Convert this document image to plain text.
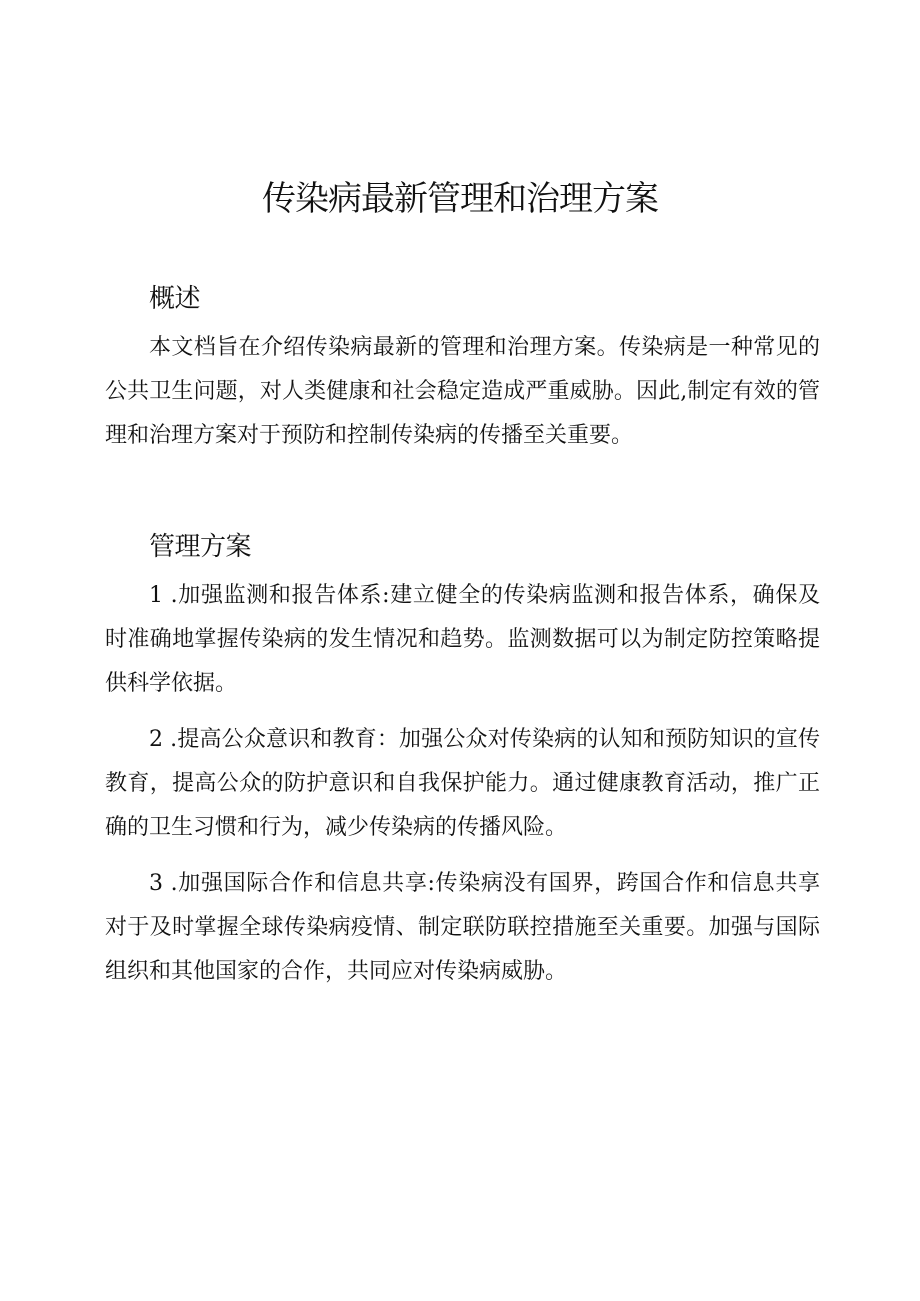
传染病最新管理和治理方案
概述

本文档旨在介绍传染病最新的管理和治理方案。传染病是一种常见的公共卫生问题，对人类健康和社会稳定造成严重威胁。因此,制定有效的管理和治理方案对于预防和控制传染病的传播至关重要。

管理方案

1 .加强监测和报告体系:建立健全的传染病监测和报告体系，确保及时准确地掌握传染病的发生情况和趋势。监测数据可以为制定防控策略提供科学依据。

2 .提高公众意识和教育：加强公众对传染病的认知和预防知识的宣传教育，提高公众的防护意识和自我保护能力。通过健康教育活动，推广正确的卫生习惯和行为，减少传染病的传播风险。

3 .加强国际合作和信息共享:传染病没有国界，跨国合作和信息共享对于及时掌握全球传染病疫情、制定联防联控措施至关重要。加强与国际组织和其他国家的合作，共同应对传染病威胁。
